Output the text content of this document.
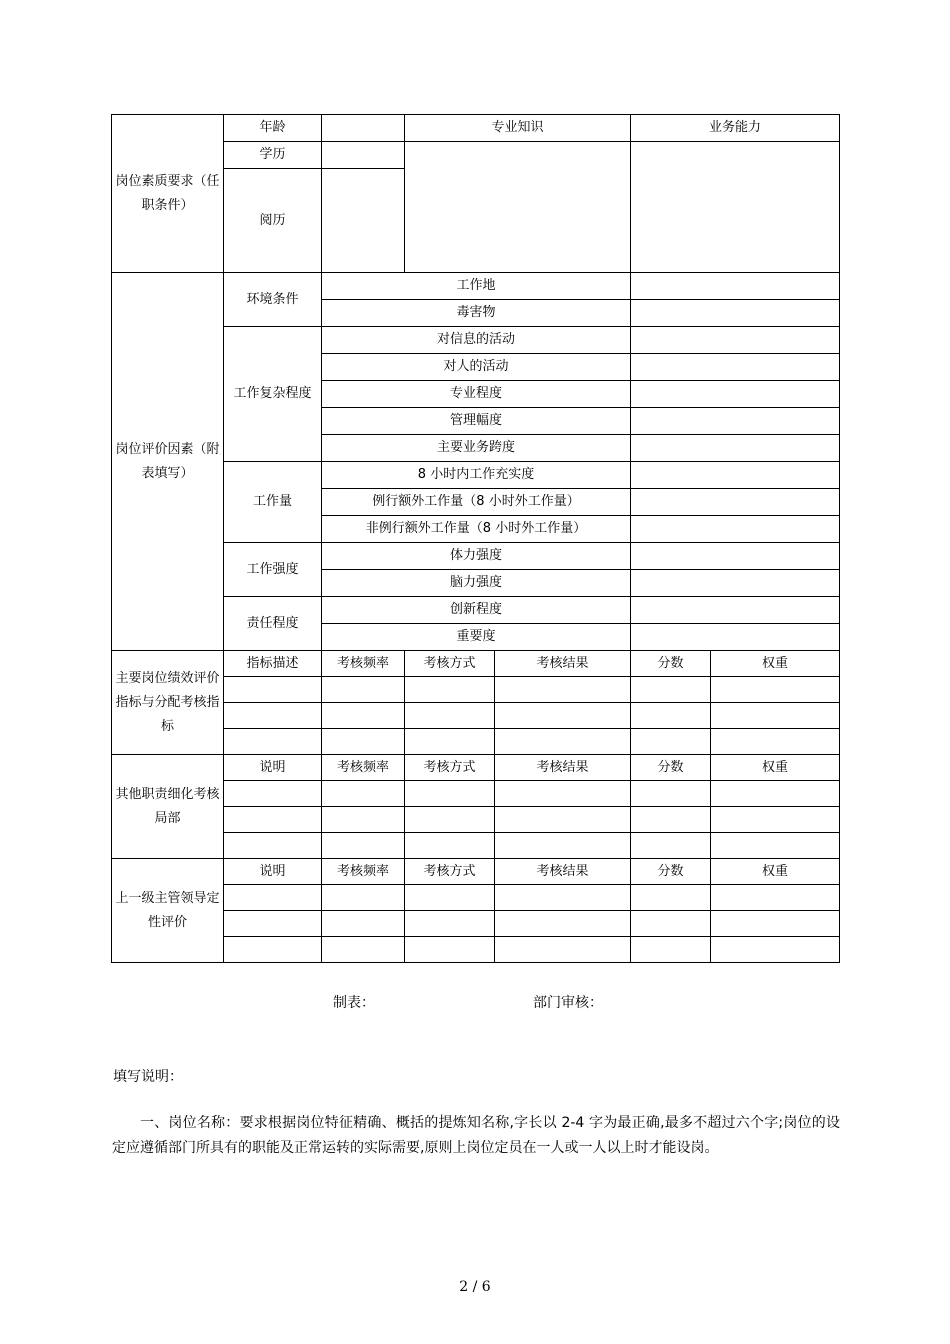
岗位素质要求（任职条件）	年龄		专业知识		业务能力	
	学历					
	阅历					
岗位评价因素（附表填写）	环境条件	工作地				
		毒害物				
	工作复杂程度	对信息的活动				
		对人的活动				
		专业程度				
		管理幅度				
		主要业务跨度				
	工作量	8 小时内工作充实度				
		例行额外工作量（8 小时外工作量）				
		非例行额外工作量（8 小时外工作量）				
	工作强度	体力强度				
		脑力强度				
	责任程度	创新程度				
		重要度				
主要岗位绩效评价指标与分配考核指标	指标描述	考核频率	考核方式	考核结果	分数	权重

其他职责细化考核局部	说明	考核频率	考核方式	考核结果	分数	权重

上一级主管领导定性评价	说明	考核频率	考核方式	考核结果	分数	权重

制表：	部门审核：
填写说明：

一、岗位名称：要求根据岗位特征精确、概括的提炼知名称,字长以 2-4 字为最正确,最多不超过六个字;岗位的设定应遵循部门所具有的职能及正常运转的实际需要,原则上岗位定员在一人或一人以上时才能设岗。

2 / 6
